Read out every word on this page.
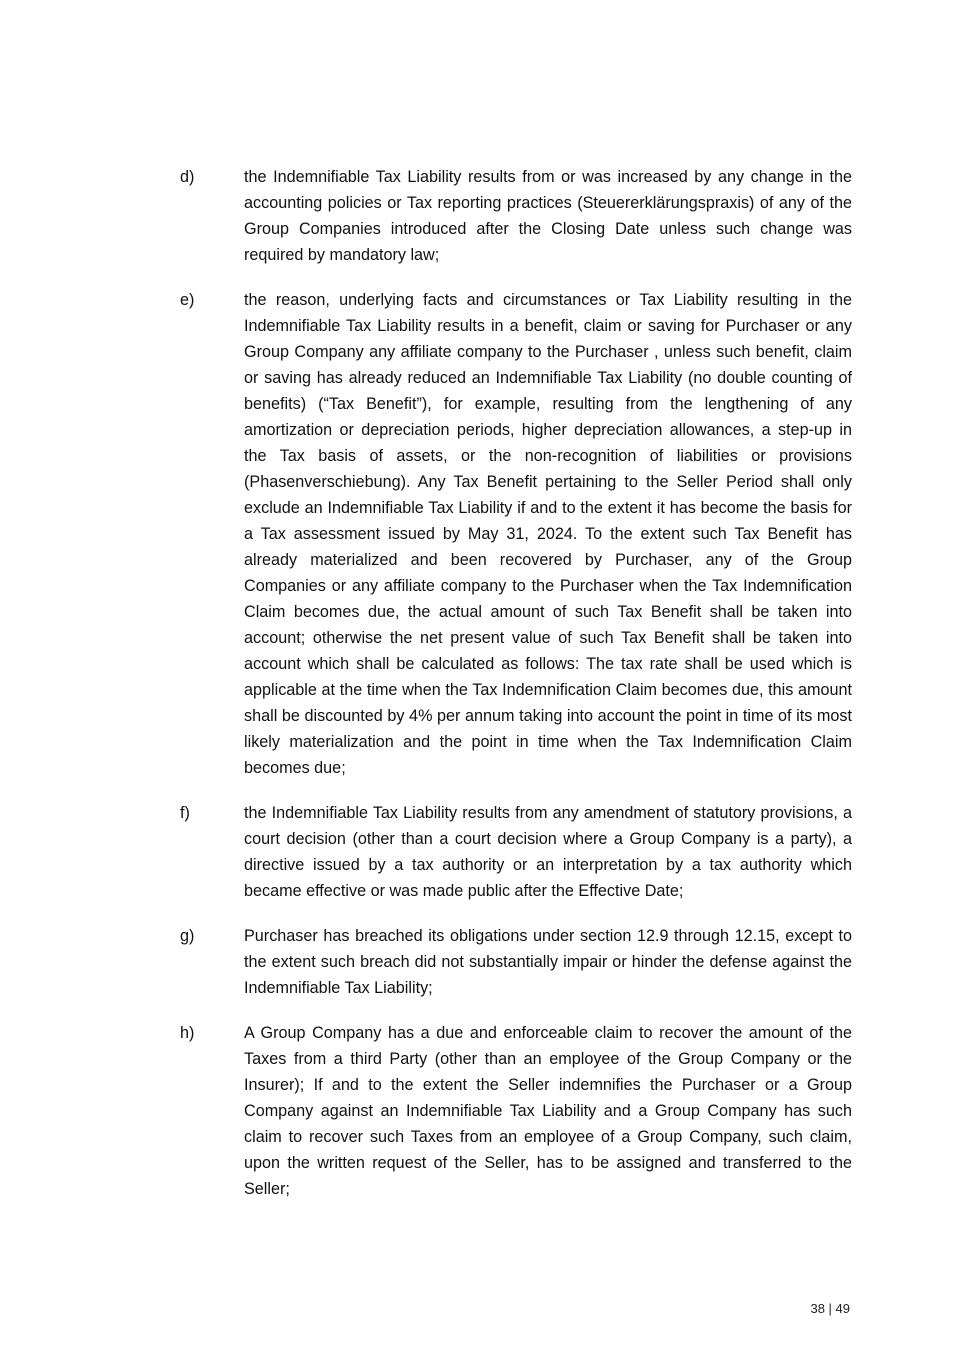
d)	the Indemnifiable Tax Liability results from or was increased by any change in the accounting policies or Tax reporting practices (Steuererklärungspraxis) of any of the Group Companies introduced after the Closing Date unless such change was required by mandatory law;
e)	the reason, underlying facts and circumstances or Tax Liability resulting in the Indemnifiable Tax Liability results in a benefit, claim or saving for Purchaser or any Group Company any affiliate company to the Purchaser , unless such benefit, claim or saving has already reduced an Indemnifiable Tax Liability (no double counting of benefits) (“Tax Benefit”), for example, resulting from the lengthening of any amortization or depreciation periods, higher depreciation allowances, a step-up in the Tax basis of assets, or the non-recognition of liabilities or provisions (Phasenverschiebung). Any Tax Benefit pertaining to the Seller Period shall only exclude an Indemnifiable Tax Liability if and to the extent it has become the basis for a Tax assessment issued by May 31, 2024. To the extent such Tax Benefit has already materialized and been recovered by Purchaser, any of the Group Companies or any affiliate company to the Purchaser when the Tax Indemnification Claim becomes due, the actual amount of such Tax Benefit shall be taken into account; otherwise the net present value of such Tax Benefit shall be taken into account which shall be calculated as follows: The tax rate shall be used which is applicable at the time when the Tax Indemnification Claim becomes due, this amount shall be discounted by 4% per annum taking into account the point in time of its most likely materialization and the point in time when the Tax Indemnification Claim becomes due;
f)	the Indemnifiable Tax Liability results from any amendment of statutory provisions, a court decision (other than a court decision where a Group Company is a party), a directive issued by a tax authority or an interpretation by a tax authority which became effective or was made public after the Effective Date;
g)	Purchaser has breached its obligations under section 12.9 through 12.15, except to the extent such breach did not substantially impair or hinder the defense against the Indemnifiable Tax Liability;
h)	A Group Company has a due and enforceable claim to recover the amount of the Taxes from a third Party (other than an employee of the Group Company or the Insurer); If and to the extent the Seller indemnifies the Purchaser or a Group Company against an Indemnifiable Tax Liability and a Group Company has such claim to recover such Taxes from an employee of a Group Company, such claim, upon the written request of the Seller, has to be assigned and transferred to the Seller;
38 | 49
